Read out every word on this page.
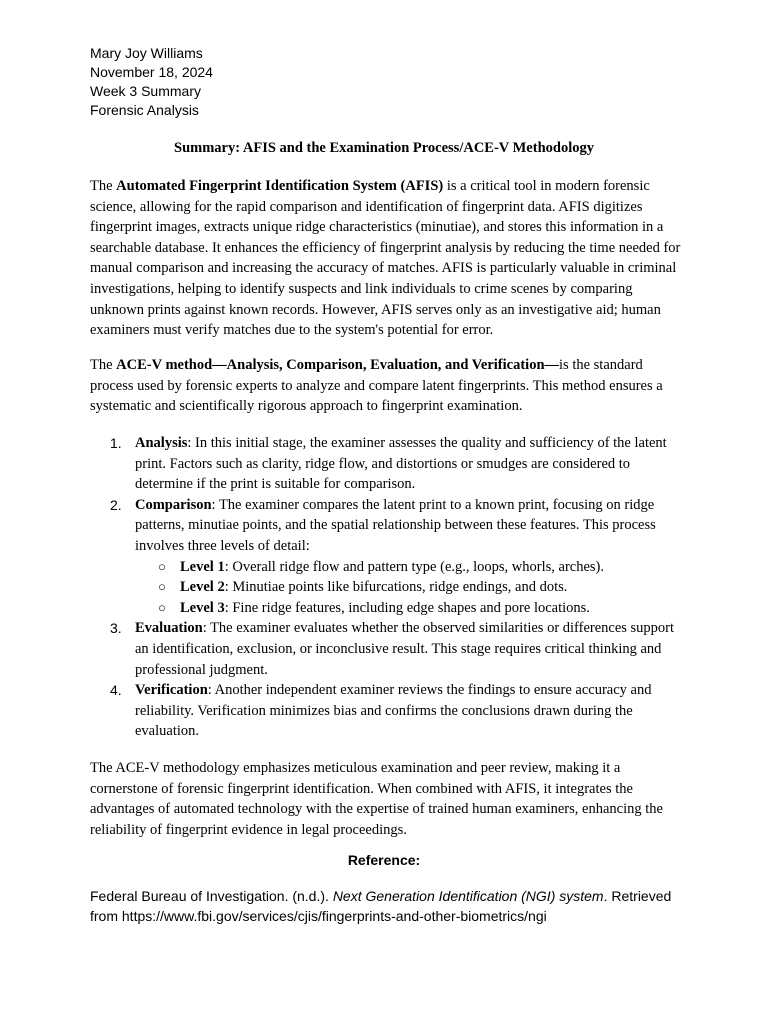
Mary Joy Williams
November 18, 2024
Week 3 Summary
Forensic Analysis
Summary: AFIS and the Examination Process/ACE-V Methodology

The Automated Fingerprint Identification System (AFIS) is a critical tool in modern forensic science, allowing for the rapid comparison and identification of fingerprint data. AFIS digitizes fingerprint images, extracts unique ridge characteristics (minutiae), and stores this information in a searchable database. It enhances the efficiency of fingerprint analysis by reducing the time needed for manual comparison and increasing the accuracy of matches. AFIS is particularly valuable in criminal investigations, helping to identify suspects and link individuals to crime scenes by comparing unknown prints against known records. However, AFIS serves only as an investigative aid; human examiners must verify matches due to the system's potential for error.

The ACE-V method—Analysis, Comparison, Evaluation, and Verification—is the standard process used by forensic experts to analyze and compare latent fingerprints. This method ensures a systematic and scientifically rigorous approach to fingerprint examination.

1. Analysis: In this initial stage, the examiner assesses the quality and sufficiency of the latent print. Factors such as clarity, ridge flow, and distortions or smudges are considered to determine if the print is suitable for comparison.
2. Comparison: The examiner compares the latent print to a known print, focusing on ridge patterns, minutiae points, and the spatial relationship between these features. This process involves three levels of detail:
○ Level 1: Overall ridge flow and pattern type (e.g., loops, whorls, arches).
○ Level 2: Minutiae points like bifurcations, ridge endings, and dots.
○ Level 3: Fine ridge features, including edge shapes and pore locations.
3. Evaluation: The examiner evaluates whether the observed similarities or differences support an identification, exclusion, or inconclusive result. This stage requires critical thinking and professional judgment.
4. Verification: Another independent examiner reviews the findings to ensure accuracy and reliability. Verification minimizes bias and confirms the conclusions drawn during the evaluation.

The ACE-V methodology emphasizes meticulous examination and peer review, making it a cornerstone of forensic fingerprint identification. When combined with AFIS, it integrates the advantages of automated technology with the expertise of trained human examiners, enhancing the reliability of fingerprint evidence in legal proceedings.

Reference:
Federal Bureau of Investigation. (n.d.). Next Generation Identification (NGI) system. Retrieved from https://www.fbi.gov/services/cjis/fingerprints-and-other-biometrics/ngi
